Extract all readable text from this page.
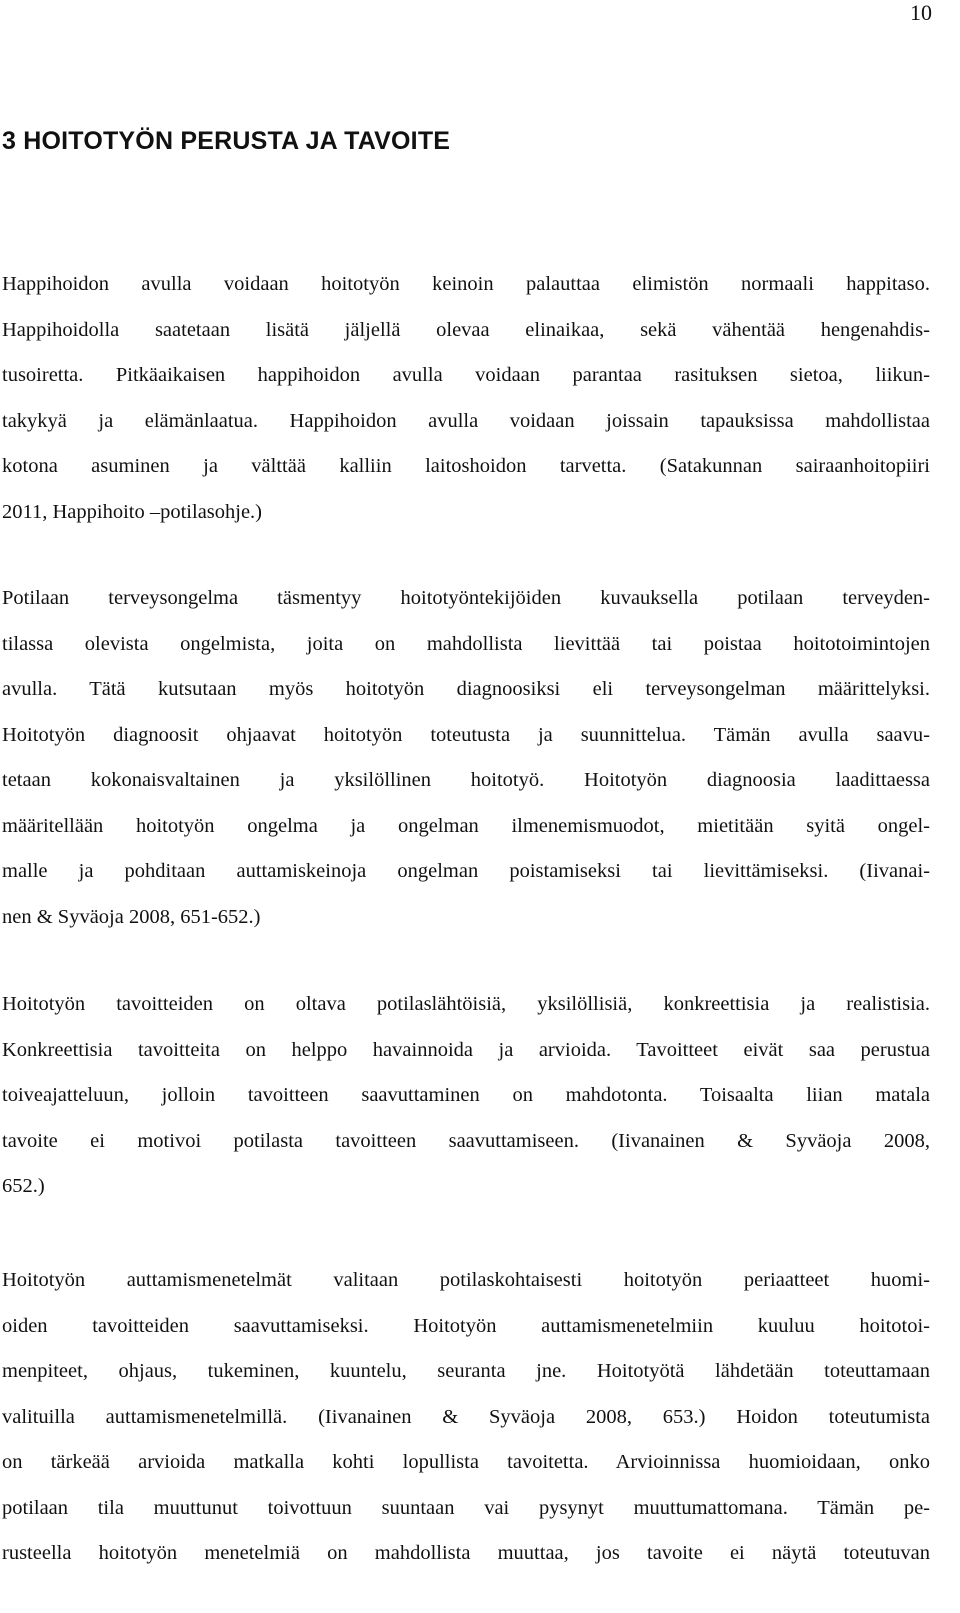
10
3 HOITOTYÖN PERUSTA JA TAVOITE

Happihoidon avulla voidaan hoitotyön keinoin palauttaa elimistön normaali happitaso.
Happihoidolla saatetaan lisätä jäljellä olevaa elinaikaa, sekä vähentää hengenahdis-
tusoiretta. Pitkäaikaisen happihoidon avulla voidaan parantaa rasituksen sietoa, liikun-
takykyä ja elämänlaatua. Happihoidon avulla voidaan joissain tapauksissa mahdollistaa
kotona asuminen ja välttää kalliin laitoshoidon tarvetta. (Satakunnan sairaanhoitopiiri
2011, Happihoito –potilasohje.)

Potilaan terveysongelma täsmentyy hoitotyöntekijöiden kuvauksella potilaan terveyden-
tilassa olevista ongelmista, joita on mahdollista lievittää tai poistaa hoitotoimintojen
avulla. Tätä kutsutaan myös hoitotyön diagnoosiksi eli terveysongelman määrittelyksi.
Hoitotyön diagnoosit ohjaavat hoitotyön toteutusta ja suunnittelua. Tämän avulla saavu-
tetaan kokonaisvaltainen ja yksilöllinen hoitotyö. Hoitotyön diagnoosia laadittaessa
määritellään hoitotyön ongelma ja ongelman ilmenemismuodot, mietitään syitä ongel-
malle ja pohditaan auttamiskeinoja ongelman poistamiseksi tai lievittämiseksi. (Iivanai-
nen & Syväoja 2008, 651-652.)

Hoitotyön tavoitteiden on oltava potilaslähtöisiä, yksilöllisiä, konkreettisia ja realistisia.
Konkreettisia tavoitteita on helppo havainnoida ja arvioida. Tavoitteet eivät saa perustua
toiveajatteluun, jolloin tavoitteen saavuttaminen on mahdotonta. Toisaalta liian matala
tavoite ei motivoi potilasta tavoitteen saavuttamiseen. (Iivanainen & Syväoja 2008,
652.)

Hoitotyön auttamismenetelmät valitaan potilaskohtaisesti hoitotyön periaatteet huomi-
oiden tavoitteiden saavuttamiseksi. Hoitotyön auttamismenetelmiin kuuluu hoitotoi-
menpiteet, ohjaus, tukeminen, kuuntelu, seuranta jne. Hoitotyötä lähdetään toteuttamaan
valituilla auttamismenetelmillä. (Iivanainen & Syväoja 2008, 653.) Hoidon toteutumista
on tärkeää arvioida matkalla kohti lopullista tavoitetta. Arvioinnissa huomioidaan, onko
potilaan tila muuttunut toivottuun suuntaan vai pysynyt muuttumattomana. Tämän pe-
rusteella hoitotyön menetelmiä on mahdollista muuttaa, jos tavoite ei näytä toteutuvan
